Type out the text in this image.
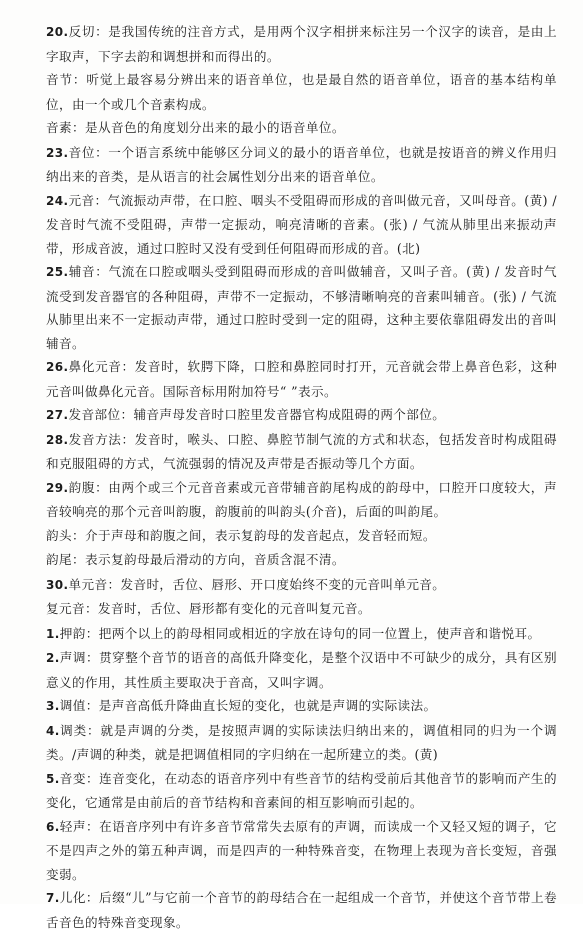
20.反切：是我国传统的注音方式，是用两个汉字相拼来标注另一个汉字的读音，是由上字取声，下字去韵和调想拼和而得出的。

音节：听觉上最容易分辨出来的语音单位，也是最自然的语音单位，语音的基本结构单位，由一个或几个音素构成。

音素：是从音色的角度划分出来的最小的语音单位。

23.音位：一个语言系统中能够区分词义的最小的语音单位，也就是按语音的辨义作用归纳出来的音类，是从语言的社会属性划分出来的语音单位。

24.元音：气流振动声带，在口腔、咽头不受阻碍而形成的音叫做元音，又叫母音。(黄) / 发音时气流不受阻碍，声带一定振动，响亮清晰的音素。(张) / 气流从肺里出来振动声带，形成音波，通过口腔时又没有受到任何阻碍而形成的音。(北)

25.辅音：气流在口腔或咽头受到阻碍而形成的音叫做辅音，又叫子音。(黄) / 发音时气流受到发音器官的各种阻碍，声带不一定振动，不够清晰响亮的音素叫辅音。(张) / 气流从肺里出来不一定振动声带，通过口腔时受到一定的阻碍，这种主要依靠阻碍发出的音叫辅音。

26.鼻化元音：发音时，软腭下降，口腔和鼻腔同时打开，元音就会带上鼻音色彩，这种元音叫做鼻化元音。国际音标用附加符号“ ”表示。

27.发音部位：辅音声母发音时口腔里发音器官构成阻碍的两个部位。

28.发音方法：发音时，喉头、口腔、鼻腔节制气流的方式和状态，包括发音时构成阻碍和克服阻碍的方式，气流强弱的情况及声带是否振动等几个方面。

29.韵腹：由两个或三个元音音素或元音带辅音韵尾构成的韵母中，口腔开口度较大，声音较响亮的那个元音叫韵腹，韵腹前的叫韵头(介音)，后面的叫韵尾。

韵头：介于声母和韵腹之间，表示复韵母的发音起点，发音轻而短。

韵尾：表示复韵母最后滑动的方向，音质含混不清。

30.单元音：发音时，舌位、唇形、开口度始终不变的元音叫单元音。

复元音：发音时，舌位、唇形都有变化的元音叫复元音。

1.押韵：把两个以上的韵母相同或相近的字放在诗句的同一位置上，使声音和谐悦耳。

2.声调：贯穿整个音节的语音的高低升降变化，是整个汉语中不可缺少的成分，具有区别意义的作用，其性质主要取决于音高，又叫字调。

3.调值：是声音高低升降曲直长短的变化，也就是声调的实际读法。

4.调类：就是声调的分类，是按照声调的实际读法归纳出来的，调值相同的归为一个调类。/声调的种类，就是把调值相同的字归纳在一起所建立的类。(黄)

5.音变：连音变化，在动态的语音序列中有些音节的结构受前后其他音节的影响而产生的变化，它通常是由前后的音节结构和音素间的相互影响而引起的。

6.轻声：在语音序列中有许多音节常常失去原有的声调，而读成一个又轻又短的调子，它不是四声之外的第五种声调，而是四声的一种特殊音变，在物理上表现为音长变短，音强变弱。

7.儿化：后缀“儿”与它前一个音节的韵母结合在一起组成一个音节，并使这个音节带上卷舌音色的特殊音变现象。
